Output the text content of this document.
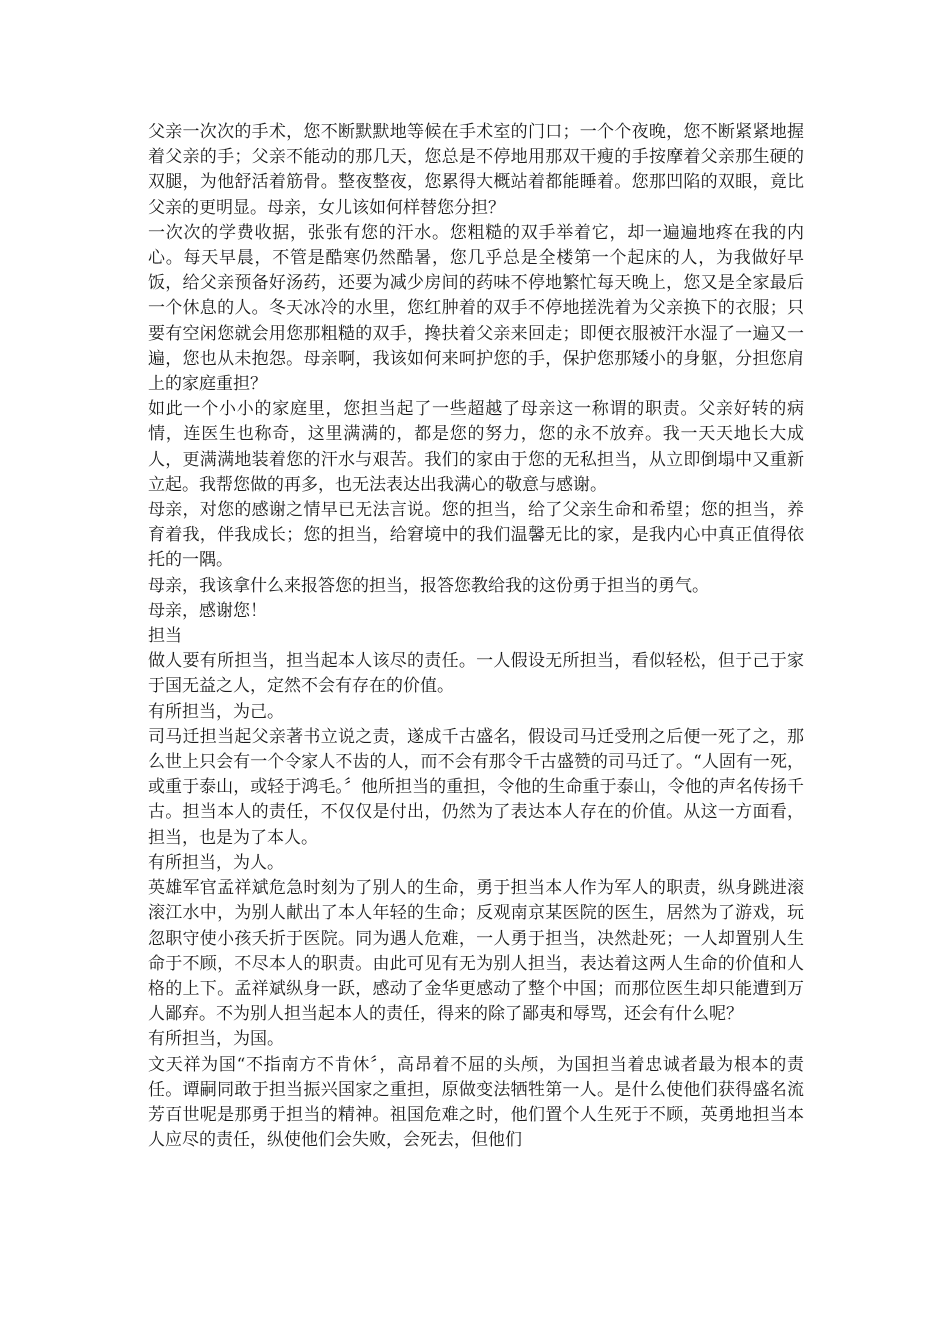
父亲一次次的手术，您不断默默地等候在手术室的门口；一个个夜晚，您不断紧紧地握着父亲的手；父亲不能动的那几天，您总是不停地用那双干瘦的手按摩着父亲那生硬的双腿，为他舒活着筋骨。整夜整夜，您累得大概站着都能睡着。您那凹陷的双眼，竟比父亲的更明显。母亲，女儿该如何样替您分担？

一次次的学费收据，张张有您的汗水。您粗糙的双手举着它，却一遍遍地疼在我的内心。每天早晨，不管是酷寒仍然酷暑，您几乎总是全楼第一个起床的人，为我做好早饭，给父亲预备好汤药，还要为减少房间的药味不停地繁忙每天晚上，您又是全家最后一个休息的人。冬天冰冷的水里，您红肿着的双手不停地搓洗着为父亲换下的衣服；只要有空闲您就会用您那粗糙的双手，搀扶着父亲来回走；即便衣服被汗水湿了一遍又一遍，您也从未抱怨。母亲啊，我该如何来呵护您的手，保护您那矮小的身躯，分担您肩上的家庭重担？

如此一个小小的家庭里，您担当起了一些超越了母亲这一称谓的职责。父亲好转的病情，连医生也称奇，这里满满的，都是您的努力，您的永不放弃。我一天天地长大成人，更满满地装着您的汗水与艰苦。我们的家由于您的无私担当，从立即倒塌中又重新立起。我帮您做的再多，也无法表达出我满心的敬意与感谢。

母亲，对您的感谢之情早已无法言说。您的担当，给了父亲生命和希望；您的担当，养育着我，伴我成长；您的担当，给窘境中的我们温馨无比的家，是我内心中真正值得依托的一隅。

母亲，我该拿什么来报答您的担当，报答您教给我的这份勇于担当的勇气。

母亲，感谢您！

担当

做人要有所担当，担当起本人该尽的责任。一人假设无所担当，看似轻松，但于己于家于国无益之人，定然不会有存在的价值。

有所担当，为己。

司马迁担当起父亲著书立说之责，遂成千古盛名，假设司马迁受刑之后便一死了之，那么世上只会有一个令家人不齿的人，而不会有那令千古盛赞的司马迁了。“人固有一死，或重于泰山，或轻于鸿毛。〞他所担当的重担，令他的生命重于泰山，令他的声名传扬千古。担当本人的责任，不仅仅是付出，仍然为了表达本人存在的价值。从这一方面看，担当，也是为了本人。

有所担当，为人。

英雄军官孟祥斌危急时刻为了别人的生命，勇于担当本人作为军人的职责，纵身跳进滚滚江水中，为别人献出了本人年轻的生命；反观南京某医院的医生，居然为了游戏，玩忽职守使小孩夭折于医院。同为遇人危难，一人勇于担当，决然赴死；一人却置别人生命于不顾，不尽本人的职责。由此可见有无为别人担当，表达着这两人生命的价值和人格的上下。孟祥斌纵身一跃，感动了金华更感动了整个中国；而那位医生却只能遭到万人鄙弃。不为别人担当起本人的责任，得来的除了鄙夷和辱骂，还会有什么呢？

有所担当，为国。

文天祥为国“不指南方不肯休〞，高昂着不屈的头颅，为国担当着忠诚者最为根本的责任。谭嗣同敢于担当振兴国家之重担，原做变法牺牲第一人。是什么使他们获得盛名流芳百世呢是那勇于担当的精神。祖国危难之时，他们置个人生死于不顾，英勇地担当本人应尽的责任，纵使他们会失败，会死去，但他们
